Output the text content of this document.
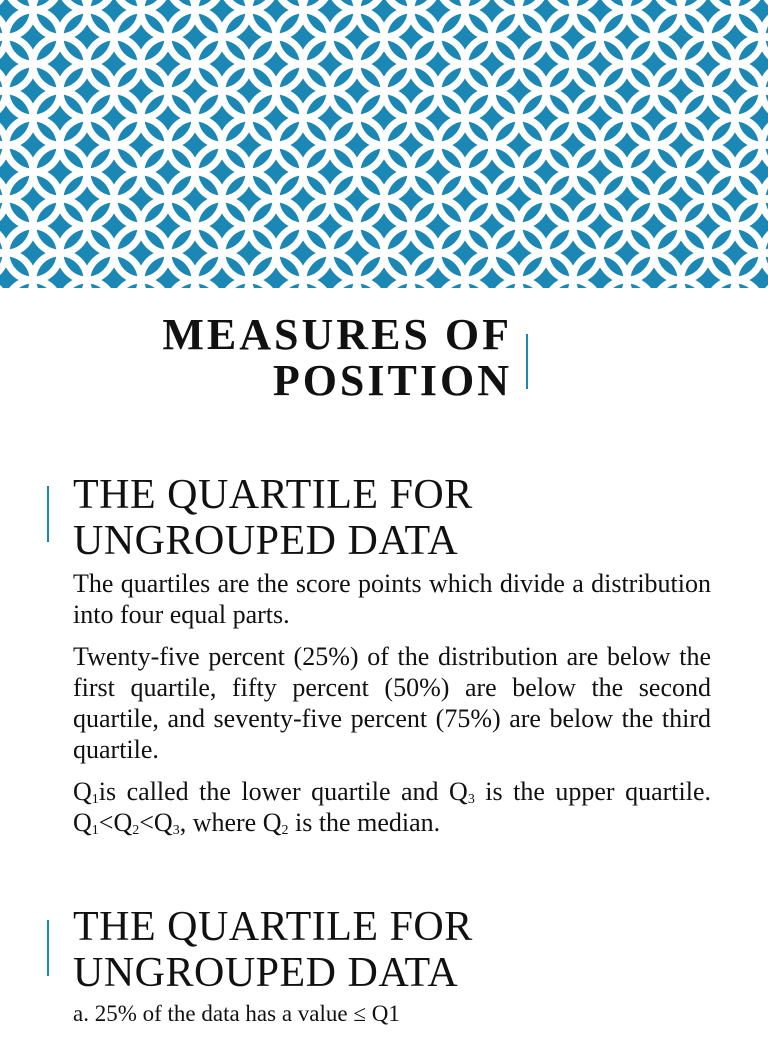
MEASURES OF
POSITION
THE QUARTILE FOR
UNGROUPED DATA

The quartiles are the score points which divide a distribution into four equal parts.

Twenty-five percent (25%) of the distribution are below the first quartile, fifty percent (50%) are below the second quartile, and seventy-five percent (75%) are below the third quartile.

$Q_1is$ called the lower quartile and $Q_3$ is the upper quartile. $Q_1<Q_2<Q_3$, where $Q_2$ is the median.

THE QUARTILE FOR
UNGROUPED DATA

a. 25% of the data has a value ≤ Q1
